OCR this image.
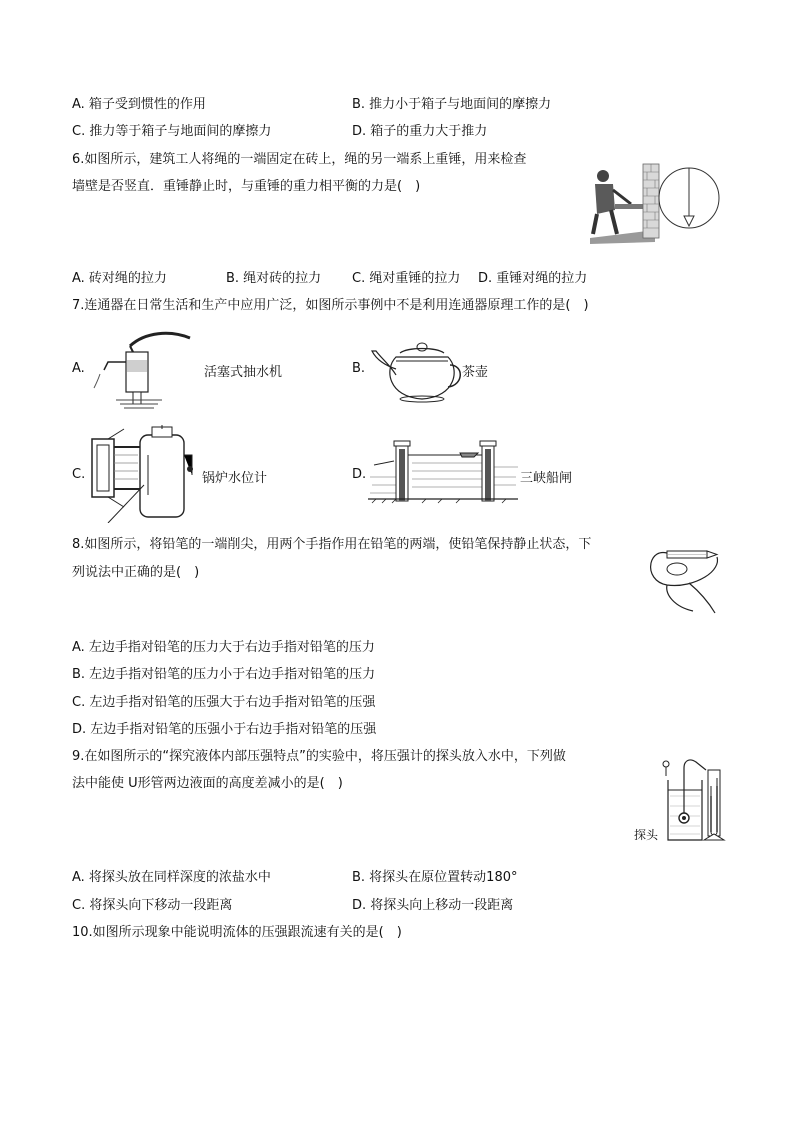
A. 箱子受到惯性的作用	B. 推力小于箱子与地面间的摩擦力
C. 推力等于箱子与地面间的摩擦力	D. 箱子的重力大于推力
6.如图所示，建筑工人将绳的一端固定在砖上，绳的另一端系上重锤，用来检查
墙壁是否竖直．重锤静止时，与重锤的重力相平衡的力是(　)
A. 砖对绳的拉力	B. 绳对砖的拉力 C. 绳对重锤的拉力 D. 重锤对绳的拉力
7.连通器在日常生活和生产中应用广泛，如图所示事例中不是利用连通器原理工作的是(　)
A.	活塞式抽水机	B.	茶壶
C.	锅炉水位计	D.	三峡船闸
8.如图所示，将铅笔的一端削尖，用两个手指作用在铅笔的两端，使铅笔保持静止状态，下
列说法中正确的是(　)
A. 左边手指对铅笔的压力大于右边手指对铅笔的压力
B. 左边手指对铅笔的压力小于右边手指对铅笔的压力
C. 左边手指对铅笔的压强大于右边手指对铅笔的压强
D. 左边手指对铅笔的压强小于右边手指对铅笔的压强
9.在如图所示的“探究液体内部压强特点”的实验中，将压强计的探头放入水中，下列做
法中能使 U形管两边液面的高度差减小的是(　)
探头
A. 将探头放在同样深度的浓盐水中	B. 将探头在原位置转动180°
C. 将探头向下移动一段距离	D. 将探头向上移动一段距离
10.如图所示现象中能说明流体的压强跟流速有关的是(　)
